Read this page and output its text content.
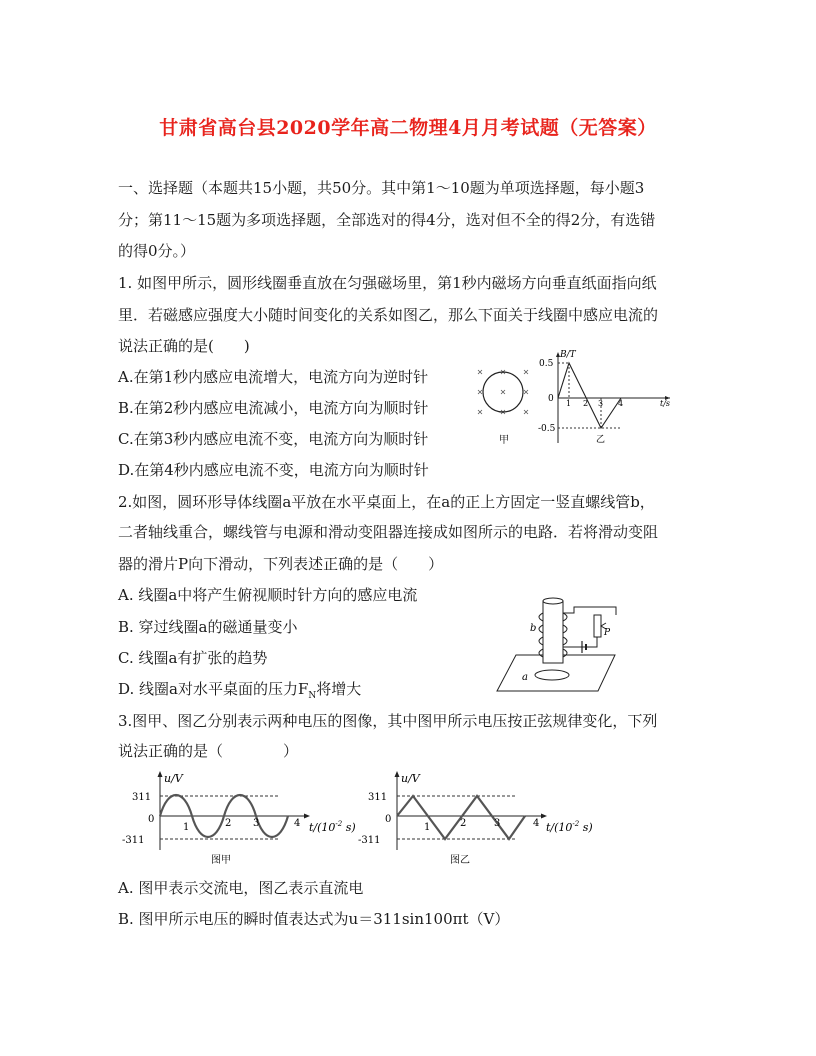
甘肃省高台县2020学年高二物理4月月考试题（无答案）
一、选择题（本题共15小题，共50分。其中第1～10题为单项选择题，每小题3
分；第11～15题为多项选择题，全部选对的得4分，选对但不全的得2分，有选错
的得0分。）
1. 如图甲所示，圆形线圈垂直放在匀强磁场里，第1秒内磁场方向垂直纸面指向纸
里．若磁感应强度大小随时间变化的关系如图乙，那么下面关于线圈中感应电流的
说法正确的是(　　)
A.在第1秒内感应电流增大，电流方向为逆时针
B.在第2秒内感应电流减小，电流方向为顺时针
C.在第3秒内感应电流不变，电流方向为顺时针
D.在第4秒内感应电流不变，电流方向为顺时针
甲
B/T
0.5
-0.5
0 1 2 3 4	t/s
乙
2.如图，圆环形导体线圈a平放在水平桌面上，在a的正上方固定一竖直螺线管b，
二者轴线重合，螺线管与电源和滑动变阻器连接成如图所示的电路．若将滑动变阻
器的滑片P向下滑动，下列表述正确的是（　　）
A. 线圈a中将产生俯视顺时针方向的感应电流
B. 穿过线圈a的磁通量变小
C. 线圈a有扩张的趋势
D. 线圈a对水平桌面的压力$F_N$将增大
b	P
a
3.图甲、图乙分别表示两种电压的图像，其中图甲所示电压按正弦规律变化，下列
说法正确的是（　　　　）
u/V
311
-311
0
1	2 3	4 $t/(10^{-2}$ s)
图甲
u/V
311
-311
0
1	2	3	4 $t/(10^{-2}$ s)
图乙
A. 图甲表示交流电，图乙表示直流电
B. 图甲所示电压的瞬时值表达式为u＝311sin100πt（V）
